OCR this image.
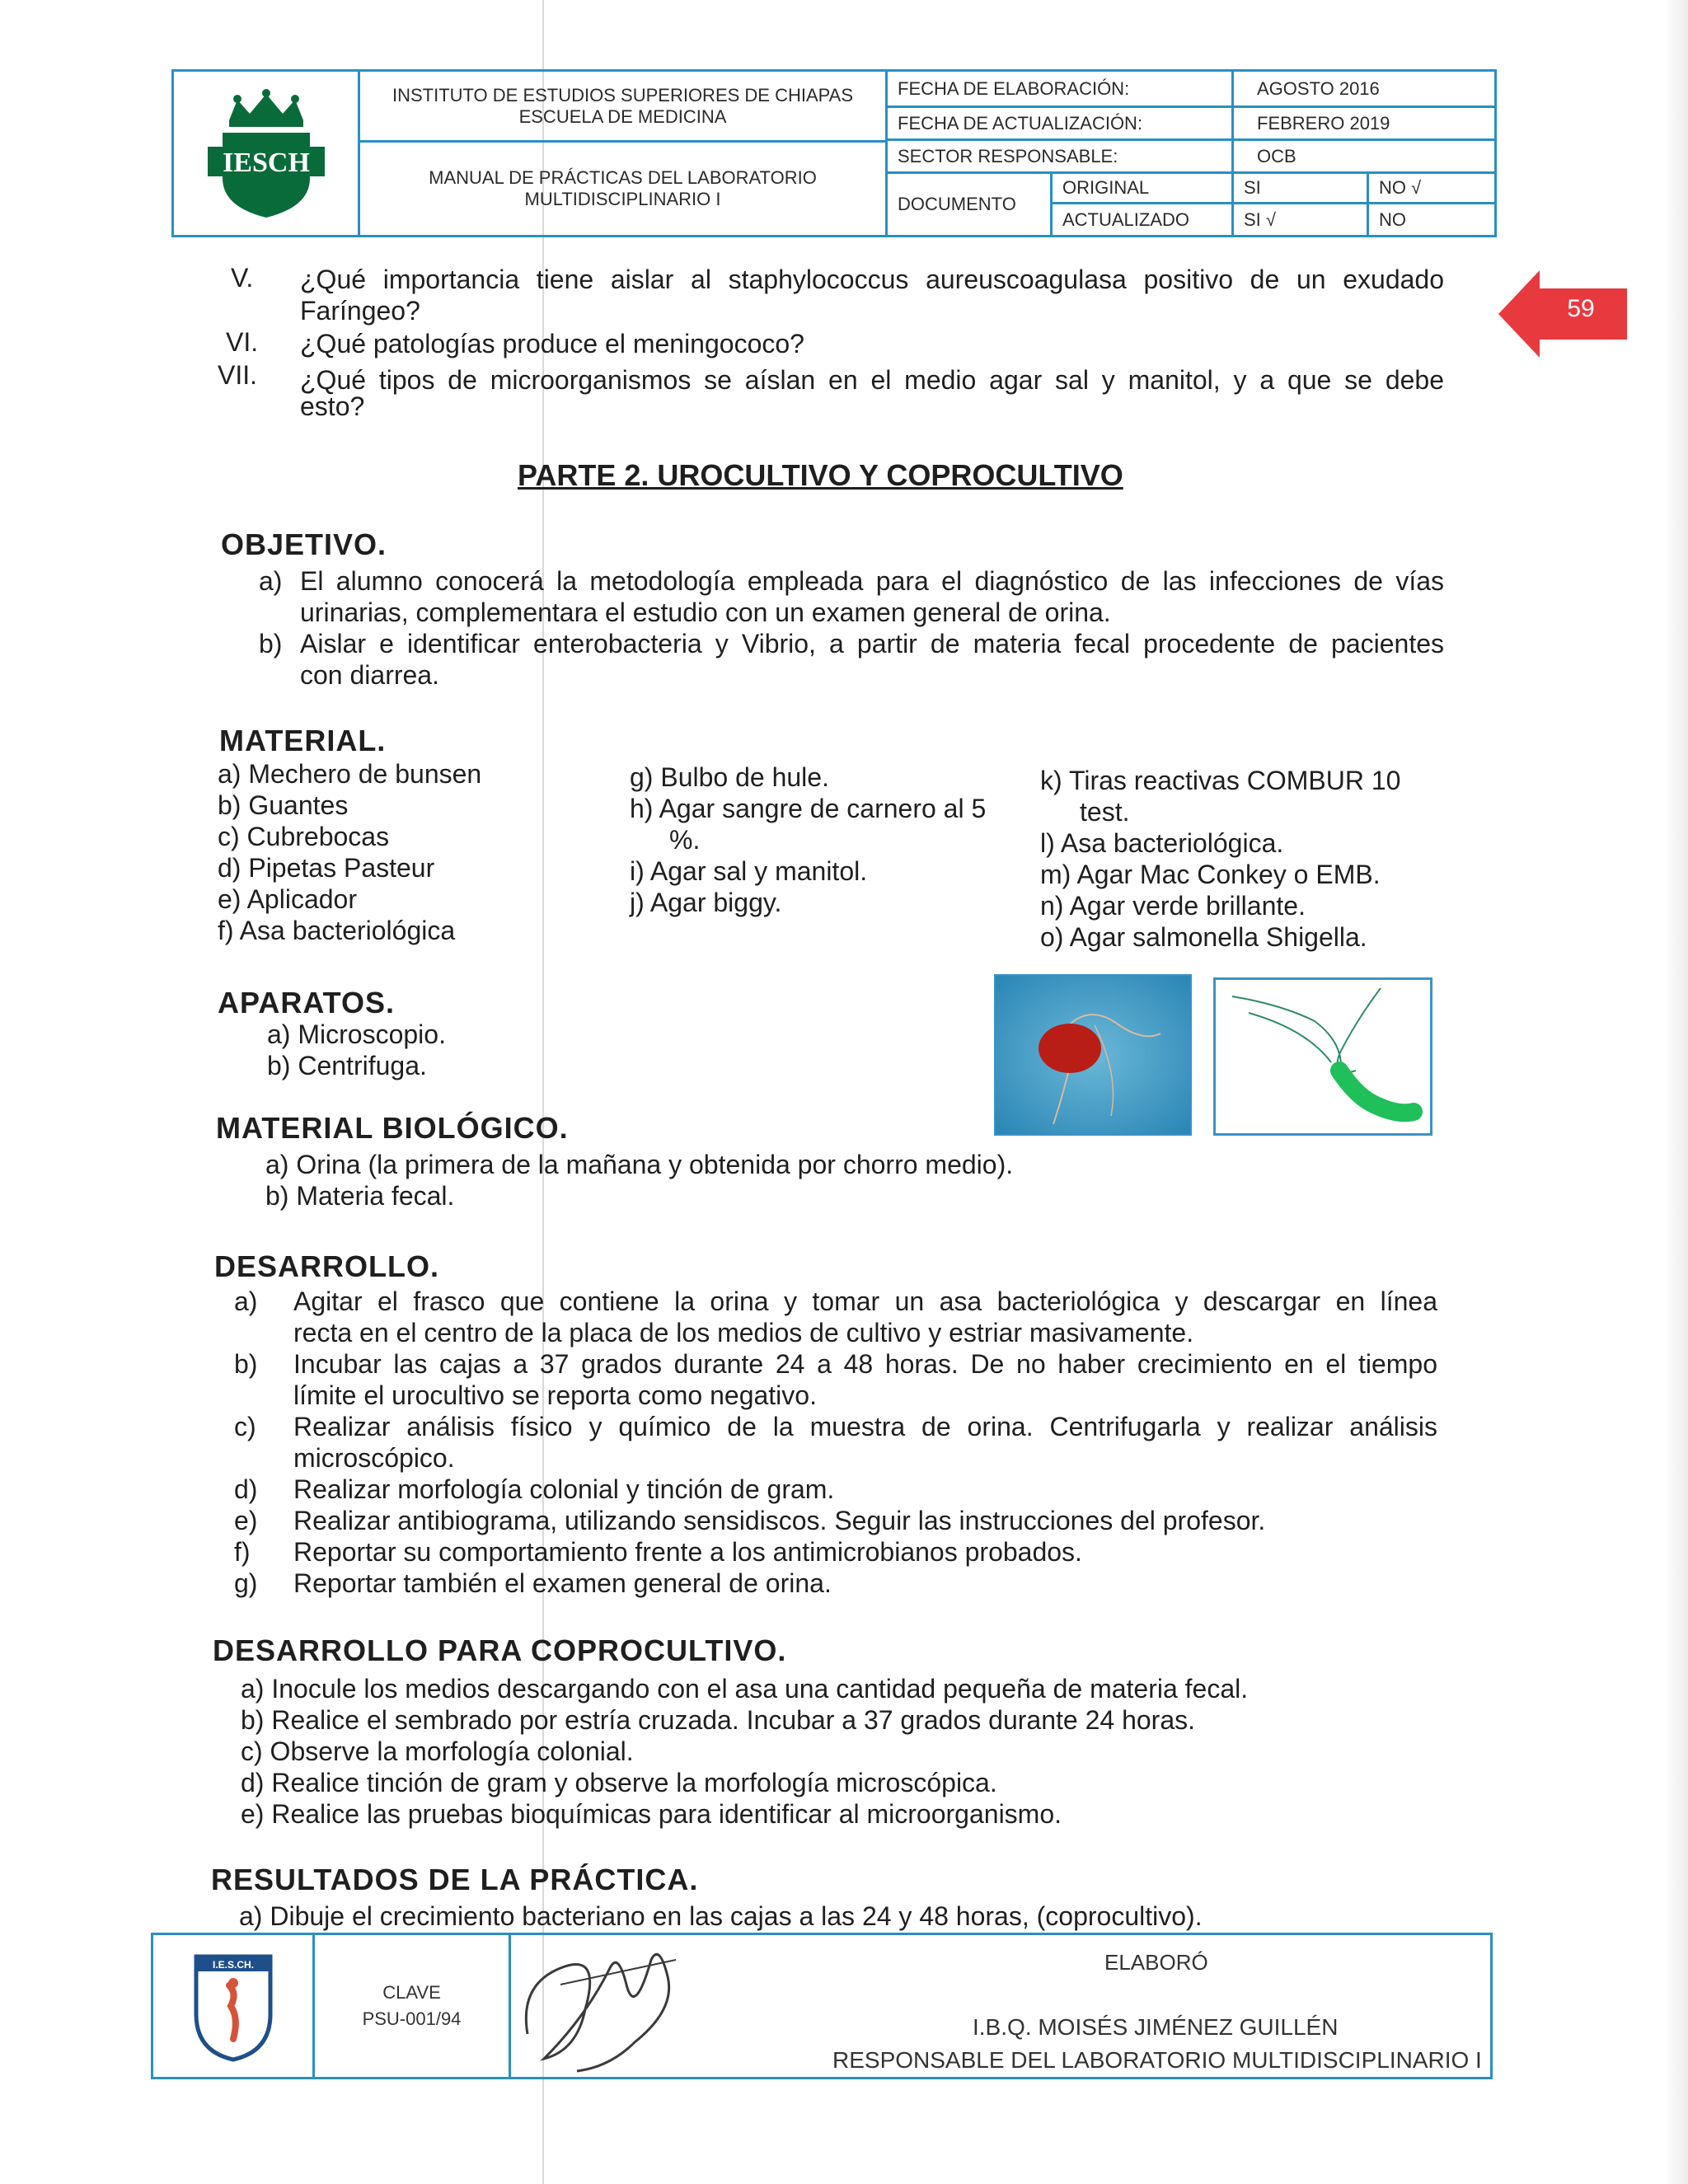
IESCH
INSTITUTO DE ESTUDIOS SUPERIORES DE CHIAPAS
ESCUELA DE MEDICINA
MANUAL DE PRÁCTICAS DEL LABORATORIO
MULTIDISCIPLINARIO I
FECHA DE ELABORACIÓN:	AGOSTO 2016
FECHA DE ACTUALIZACIÓN:	FEBRERO 2019
SECTOR RESPONSABLE:	OCB
DOCUMENTO
ORIGINAL	SI	NO √
ACTUALIZADO	SI √	NO
59
V.	¿Qué importancia tiene aislar al staphylococcus aureuscoagulasa positivo de un exudado
Faríngeo?
VI. ¿Qué patologías produce el meningococo?
VII. ¿Qué tipos de microorganismos se aíslan en el medio agar sal y manitol, y a que se debe
esto?
PARTE 2. UROCULTIVO Y COPROCULTIVO
OBJETIVO.
a) El alumno conocerá la metodología empleada para el diagnóstico de las infecciones de vías
urinarias, complementara el estudio con un examen general de orina.
b) Aislar e identificar enterobacteria y Vibrio, a partir de materia fecal procedente de pacientes
con diarrea.
MATERIAL.
a) Mechero de bunsen
b) Guantes
c) Cubrebocas
d) Pipetas Pasteur
e) Aplicador
f) Asa bacteriológica
g) Bulbo de hule.
h) Agar sangre de carnero al 5
%.
i) Agar sal y manitol.
j) Agar biggy.
k) Tiras reactivas COMBUR 10
test.
l) Asa bacteriológica.
m) Agar Mac Conkey o EMB.
n) Agar verde brillante.
o) Agar salmonella Shigella.
APARATOS.
a) Microscopio.
b) Centrifuga.
MATERIAL BIOLÓGICO.
a) Orina (la primera de la mañana y obtenida por chorro medio).
b) Materia fecal.
DESARROLLO.
a)	Agitar el frasco que contiene la orina y tomar un asa bacteriológica y descargar en línea
recta en el centro de la placa de los medios de cultivo y estriar masivamente.
b)	Incubar las cajas a 37 grados durante 24 a 48 horas. De no haber crecimiento en el tiempo
límite el urocultivo se reporta como negativo.
c)	Realizar análisis físico y químico de la muestra de orina. Centrifugarla y realizar análisis
microscópico.
d)	Realizar morfología colonial y tinción de gram.
e)	Realizar antibiograma, utilizando sensidiscos. Seguir las instrucciones del profesor.
f)	Reportar su comportamiento frente a los antimicrobianos probados.
g)	Reportar también el examen general de orina.
DESARROLLO PARA COPROCULTIVO.
a) Inocule los medios descargando con el asa una cantidad pequeña de materia fecal.
b) Realice el sembrado por estría cruzada. Incubar a 37 grados durante 24 horas.
c) Observe la morfología colonial.
d) Realice tinción de gram y observe la morfología microscópica.
e) Realice las pruebas bioquímicas para identificar al microorganismo.
RESULTADOS DE LA PRÁCTICA.
a) Dibuje el crecimiento bacteriano en las cajas a las 24 y 48 horas, (coprocultivo).
I.E.S.CH.
CLAVE
PSU-001/94
ELABORÓ
I.B.Q. MOISÉS JIMÉNEZ GUILLÉN
RESPONSABLE DEL LABORATORIO MULTIDISCIPLINARIO I
